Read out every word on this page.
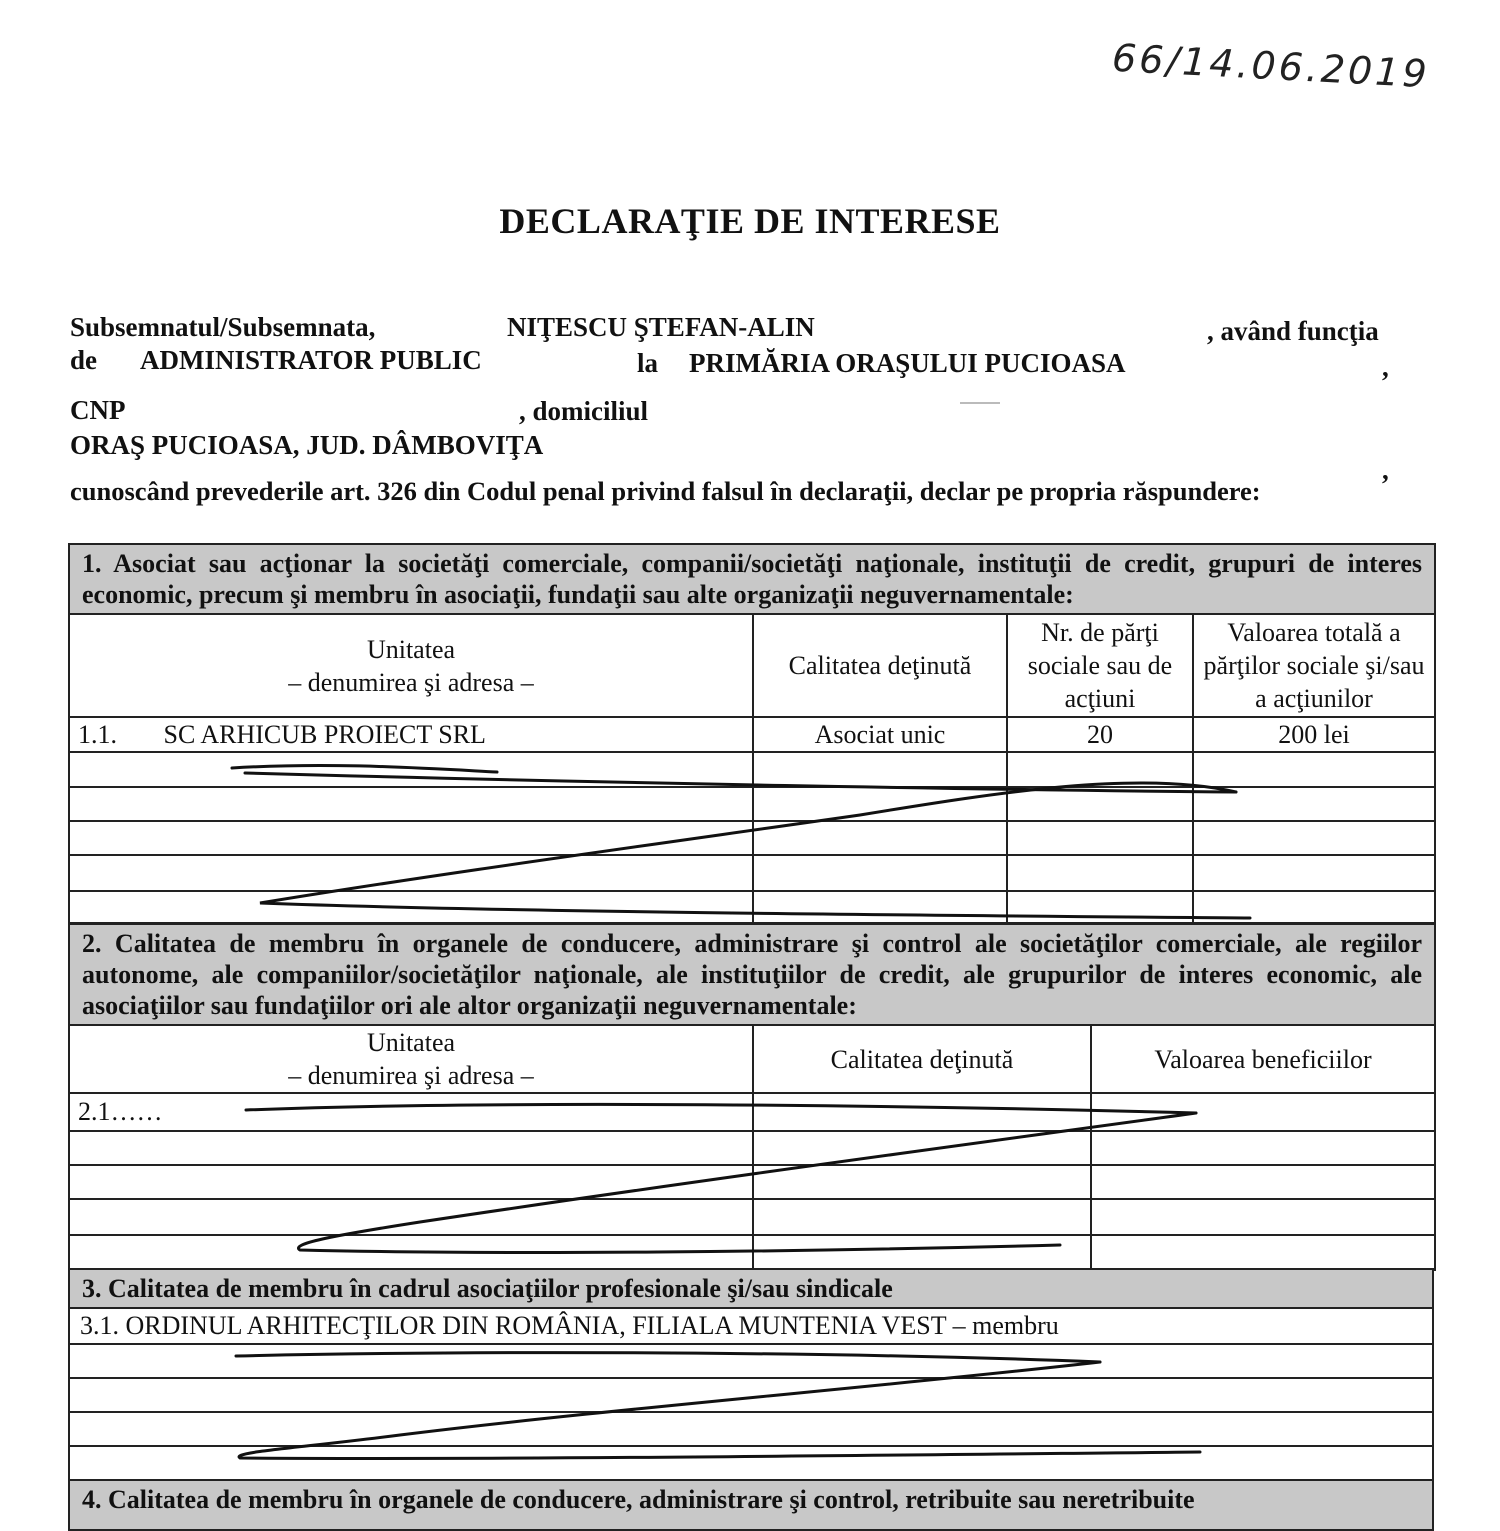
66/14.06.2019
DECLARAŢIE DE INTERESE
Subsemnatul/Subsemnata,	NIŢESCU ŞTEFAN-ALIN	, având funcţia
de ADMINISTRATOR PUBLIC	la PRIMĂRIA ORAŞULUI PUCIOASA	,
CNP	, domiciliul
ORAŞ PUCIOASA, JUD. DÂMBOVIŢA
,
cunoscând prevederile art. 326 din Codul penal privind falsul în declaraţii, declar pe propria răspundere:
1. Asociat sau acţionar la societăţi comerciale, companii/societăţi naţionale, instituţii de credit, grupuri de interes economic, precum şi membru în asociaţii, fundaţii sau alte organizaţii neguvernamentale:			
Unitatea
– denumirea şi adresa –	Calitatea deţinută	Nr. de părţi sociale sau de acţiuni	Valoarea totală a părţilor sociale şi/sau a acţiunilor
1.1. SC ARHICUB PROIECT SRL	Asociat unic	20	200 lei

2. Calitatea de membru în organele de conducere, administrare şi control ale societăţilor comerciale, ale regiilor autonome, ale companiilor/societăţilor naţionale, ale instituţiilor de credit, ale grupurilor de interes economic, ale asociaţiilor sau fundaţiilor ori ale altor organizaţii neguvernamentale:		
Unitatea
– denumirea şi adresa –	Calitatea deţinută	Valoarea beneficiilor
2.1……		

3. Calitatea de membru în cadrul asociaţiilor profesionale şi/sau sindicale
3.1. ORDINUL ARHITECŢILOR DIN ROMÂNIA, FILIALA MUNTENIA VEST – membru

4. Calitatea de membru în organele de conducere, administrare şi control, retribuite sau neretribuite
